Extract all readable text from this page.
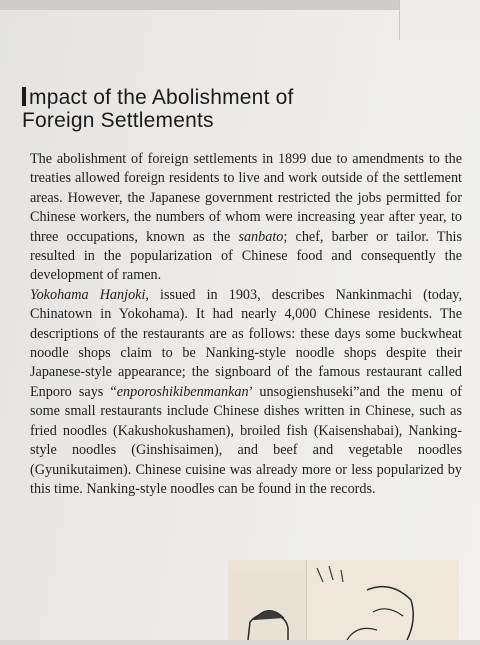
mpact of the Abolishment of
Foreign Settlements

The abolishment of foreign settlements in 1899 due to amendments to the treaties allowed foreign residents to live and work outside of the settlement areas. However, the Japanese government restricted the jobs permitted for Chinese workers, the numbers of whom were increasing year after year, to three occupations, known as the sanbato; chef, barber or tailor. This resulted in the popularization of Chinese food and consequently the development of ramen.

Yokohama Hanjoki, issued in 1903, describes Nankinmachi (today, Chinatown in Yokohama). It had nearly 4,000 Chinese residents. The descriptions of the restaurants are as follows: these days some buckwheat noodle shops claim to be Nanking-style noodle shops despite their Japanese-style appearance; the signboard of the famous restaurant called Enporo says “enporoshikibenmankan’ unsogienshuseki”and the menu of some small restaurants include Chinese dishes written in Chinese, such as fried noodles (Kakushokushamen), broiled fish (Kaisenshabai), Nanking-style noodles (Ginshisaimen), and beef and vegetable noodles (Gyunikutaimen). Chinese cuisine was already more or less popularized by this time. Nanking-style noodles can be found in the records.
